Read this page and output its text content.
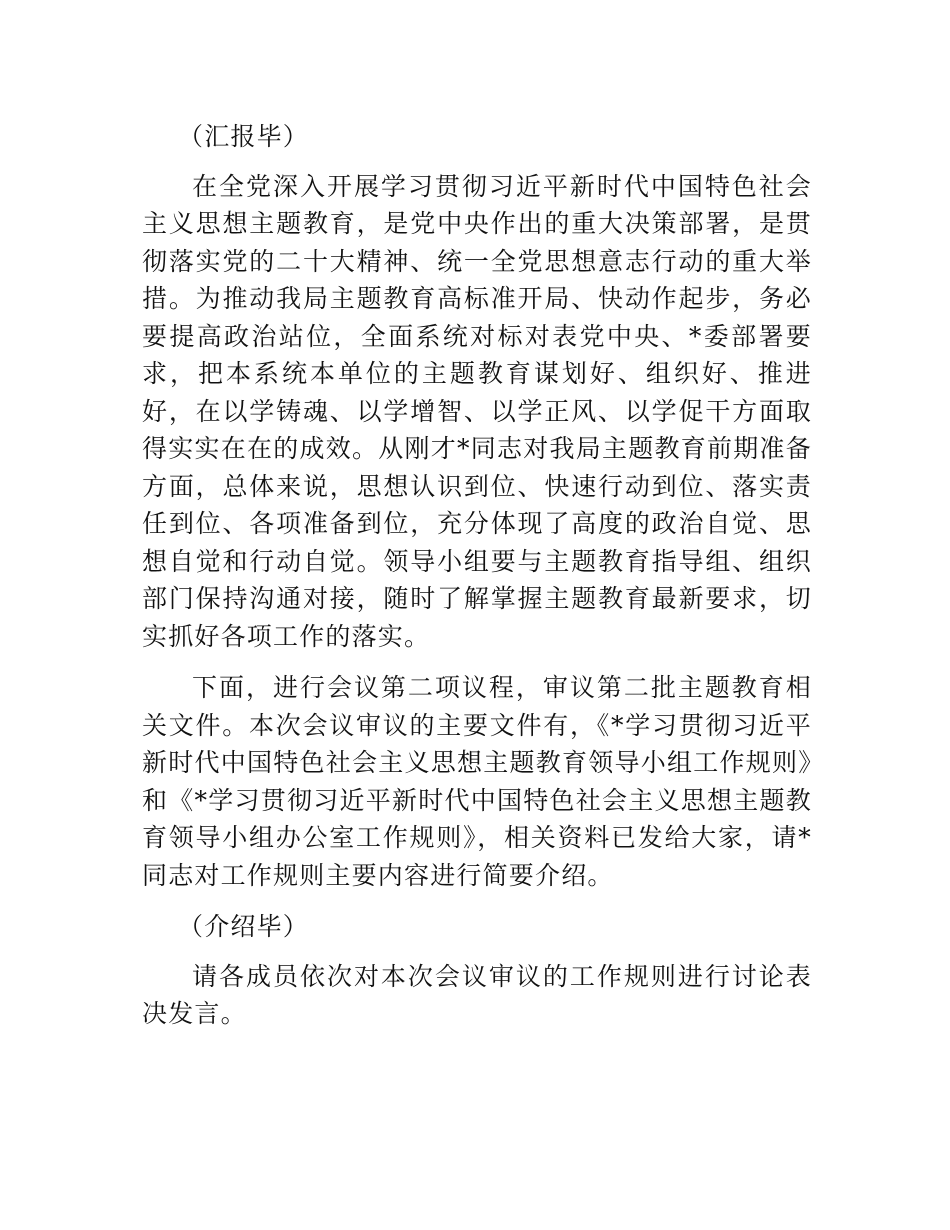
（汇报毕）

在全党深入开展学习贯彻习近平新时代中国特色社会主义思想主题教育，是党中央作出的重大决策部署，是贯彻落实党的二十大精神、统一全党思想意志行动的重大举措。为推动我局主题教育高标准开局、快动作起步，务必要提高政治站位，全面系统对标对表党中央、*委部署要求，把本系统本单位的主题教育谋划好、组织好、推进好，在以学铸魂、以学增智、以学正风、以学促干方面取得实实在在的成效。从刚才*同志对我局主题教育前期准备方面，总体来说，思想认识到位、快速行动到位、落实责任到位、各项准备到位，充分体现了高度的政治自觉、思想自觉和行动自觉。领导小组要与主题教育指导组、组织部门保持沟通对接，随时了解掌握主题教育最新要求，切实抓好各项工作的落实。

下面，进行会议第二项议程，审议第二批主题教育相关文件。本次会议审议的主要文件有，《*学习贯彻习近平新时代中国特色社会主义思想主题教育领导小组工作规则》和《*学习贯彻习近平新时代中国特色社会主义思想主题教育领导小组办公室工作规则》，相关资料已发给大家，请*同志对工作规则主要内容进行简要介绍。

（介绍毕）

请各成员依次对本次会议审议的工作规则进行讨论表决发言。
